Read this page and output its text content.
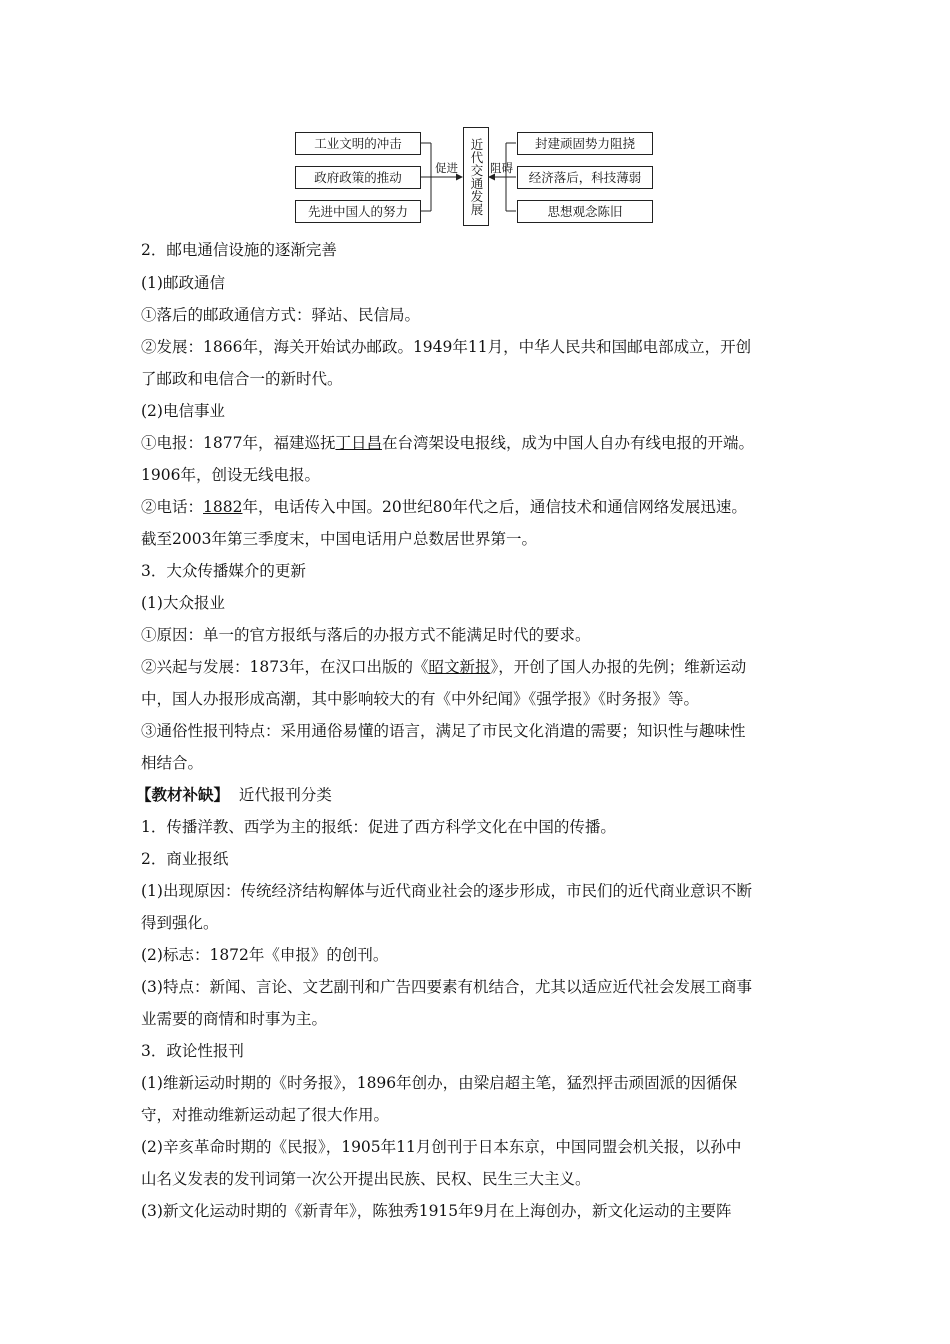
工业文明的冲击
政府政策的推动
先进中国人的努力
促进 近代交通发展 阻碍
封建顽固势力阻挠
经济落后，科技薄弱
思想观念陈旧
2．邮电通信设施的逐渐完善
(1)邮政通信
①落后的邮政通信方式：驿站、民信局。
②发展：1866年，海关开始试办邮政。1949年11月，中华人民共和国邮电部成立，开创
了邮政和电信合一的新时代。
(2)电信事业
①电报：1877年，福建巡抚丁日昌在台湾架设电报线，成为中国人自办有线电报的开端。
1906年，创设无线电报。
②电话：1882年，电话传入中国。20世纪80年代之后，通信技术和通信网络发展迅速。
截至2003年第三季度末，中国电话用户总数居世界第一。
3．大众传播媒介的更新
(1)大众报业
①原因：单一的官方报纸与落后的办报方式不能满足时代的要求。
②兴起与发展：1873年，在汉口出版的《昭文新报》，开创了国人办报的先例；维新运动
中，国人办报形成高潮，其中影响较大的有《中外纪闻》《强学报》《时务报》等。
③通俗性报刊特点：采用通俗易懂的语言，满足了市民文化消遣的需要；知识性与趣味性
相结合。
【教材补缺】  近代报刊分类
1．传播洋教、西学为主的报纸：促进了西方科学文化在中国的传播。
2．商业报纸
(1)出现原因：传统经济结构解体与近代商业社会的逐步形成，市民们的近代商业意识不断
得到强化。
(2)标志：1872年《申报》的创刊。
(3)特点：新闻、言论、文艺副刊和广告四要素有机结合，尤其以适应近代社会发展工商事
业需要的商情和时事为主。
3．政论性报刊
(1)维新运动时期的《时务报》，1896年创办，由梁启超主笔，猛烈抨击顽固派的因循保
守，对推动维新运动起了很大作用。
(2)辛亥革命时期的《民报》，1905年11月创刊于日本东京，中国同盟会机关报，以孙中
山名义发表的发刊词第一次公开提出民族、民权、民生三大主义。
(3)新文化运动时期的《新青年》，陈独秀1915年9月在上海创办，新文化运动的主要阵
